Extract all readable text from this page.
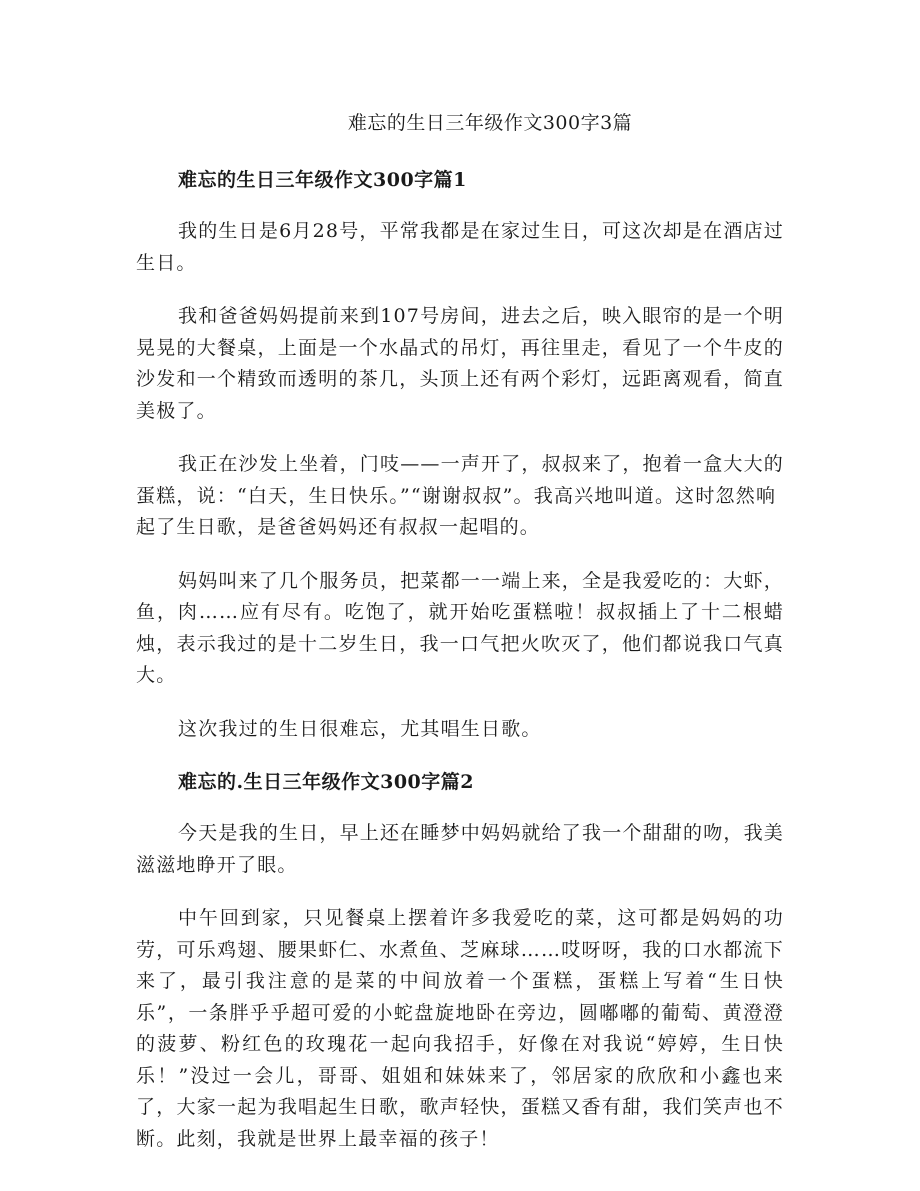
难忘的生日三年级作文300字3篇
难忘的生日三年级作文300字篇1

我的生日是6月28号，平常我都是在家过生日，可这次却是在酒店过生日。

我和爸爸妈妈提前来到107号房间，进去之后，映入眼帘的是一个明晃晃的大餐桌，上面是一个水晶式的吊灯，再往里走，看见了一个牛皮的沙发和一个精致而透明的茶几，头顶上还有两个彩灯，远距离观看，简直美极了。

我正在沙发上坐着，门吱——一声开了，叔叔来了，抱着一盒大大的蛋糕，说：“白天，生日快乐。”“谢谢叔叔”。我高兴地叫道。这时忽然响起了生日歌，是爸爸妈妈还有叔叔一起唱的。

妈妈叫来了几个服务员，把菜都一一端上来，全是我爱吃的：大虾，鱼，肉……应有尽有。吃饱了，就开始吃蛋糕啦！叔叔插上了十二根蜡烛，表示我过的是十二岁生日，我一口气把火吹灭了，他们都说我口气真大。

这次我过的生日很难忘，尤其唱生日歌。

难忘的.生日三年级作文300字篇2

今天是我的生日，早上还在睡梦中妈妈就给了我一个甜甜的吻，我美滋滋地睁开了眼。

中午回到家，只见餐桌上摆着许多我爱吃的菜，这可都是妈妈的功劳，可乐鸡翅、腰果虾仁、水煮鱼、芝麻球……哎呀呀，我的口水都流下来了，最引我注意的是菜的中间放着一个蛋糕，蛋糕上写着“生日快乐”，一条胖乎乎超可爱的小蛇盘旋地卧在旁边，圆嘟嘟的葡萄、黄澄澄的菠萝、粉红色的玫瑰花一起向我招手，好像在对我说“婷婷，生日快乐！”没过一会儿，哥哥、姐姐和妹妹来了，邻居家的欣欣和小鑫也来了，大家一起为我唱起生日歌，歌声轻快，蛋糕又香有甜，我们笑声也不断。此刻，我就是世界上最幸福的孩子！
